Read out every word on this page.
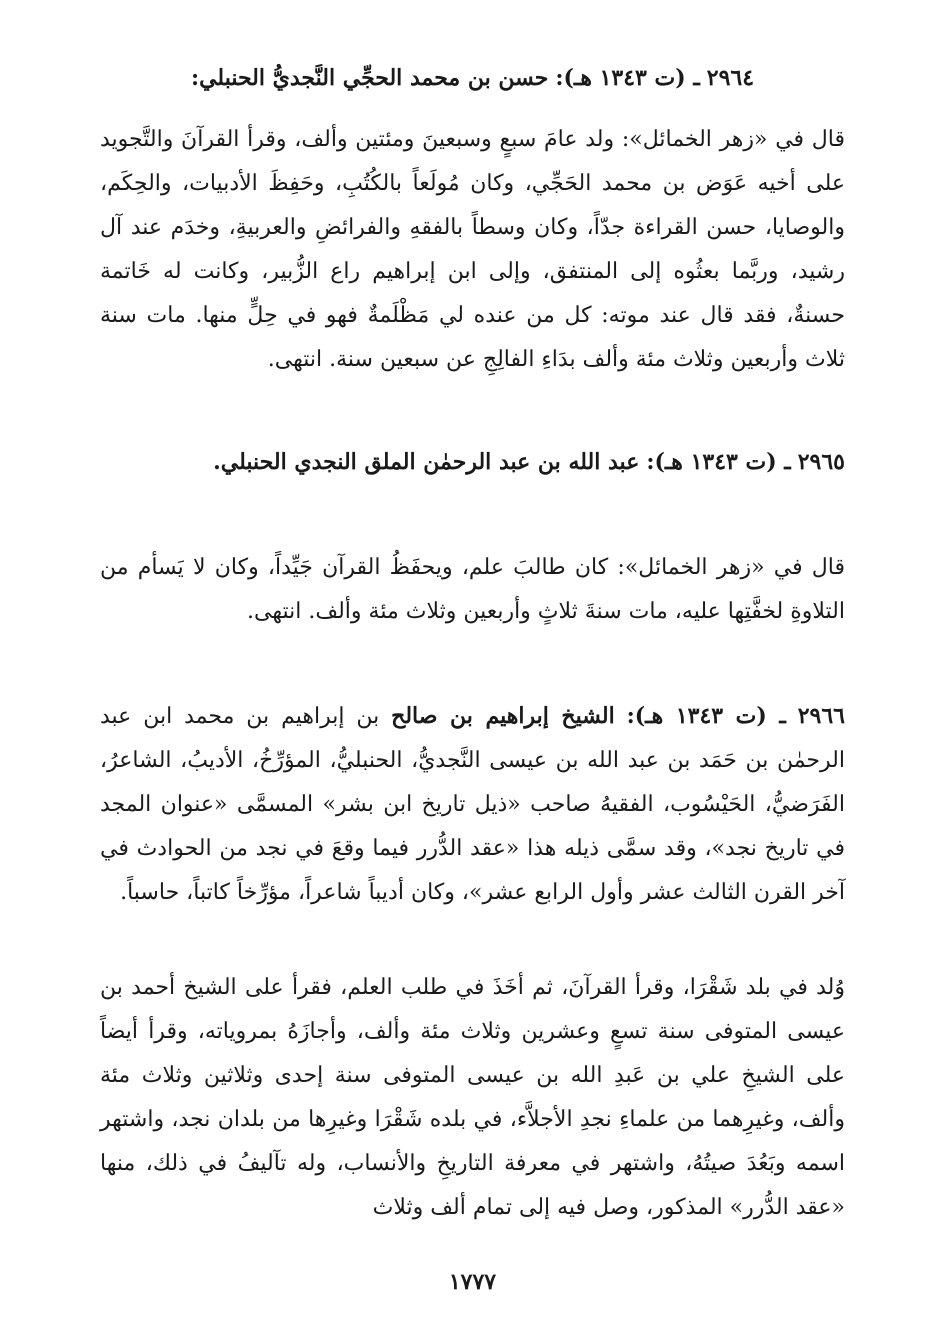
٢٩٦٤ ـ (ت ١٣٤٣ هـ): حسن بن محمد الحجِّي النَّجديُّ الحنبلي:

قال في «زهر الخمائل»: ولد عامَ سبعٍ وسبعينَ ومئتين وألف، وقرأ القرآنَ والتَّجويد على أخيه عَوَض بن محمد الحَجِّي، وكان مُولَعاً بالكُتُبِ، وحَفِظَ الأدبيات، والحِكَم، والوصايا، حسن القراءة جدّاً، وكان وسطاً بالفقهِ والفرائضِ والعربيةِ، وخدَم عند آل رشيد، وربَّما بعثُوه إلى المنتفق، وإلى ابن إبراهيم راع الزُّبير، وكانت له خَاتمة حسنةٌ، فقد قال عند موته: كل من عنده لي مَظْلَمةٌ فهو في حِلٍّ منها. مات سنة ثلاث وأربعين وثلاث مئة وألف بدَاءِ الفالِجِ عن سبعين سنة. انتهى.

٢٩٦٥ ـ (ت ١٣٤٣ هـ): عبد الله بن عبد الرحمٰن الملق النجدي الحنبلي.

قال في «زهر الخمائل»: كان طالبَ علم، ويحفَظُ القرآن جَيِّداً، وكان لا يَسأم من التلاوةِ لخفَّتِها عليه، مات سنةَ ثلاثٍ وأربعين وثلاث مئة وألف. انتهى.

٢٩٦٦ ـ (ت ١٣٤٣ هـ): الشيخ إبراهيم بن صالح بن إبراهيم بن محمد ابن عبد الرحمٰن بن حَمَد بن عبد الله بن عيسى النَّجديُّ، الحنبليُّ، المؤرِّخُ، الأديبُ، الشاعرُ، الفَرَضيُّ، الحَيْسُوب، الفقيهُ صاحب «ذيل تاريخ ابن بشر» المسمَّى «عنوان المجد في تاريخ نجد»، وقد سمَّى ذيله هذا «عقد الدُّرر فيما وقعَ في نجد من الحوادث في آخر القرن الثالث عشر وأول الرابع عشر»، وكان أديباً شاعراً، مؤرِّخاً كاتباً، حاسباً.

وُلد في بلد شَقْرَا، وقرأ القرآنَ، ثم أخَذَ في طلب العلم، فقرأ على الشيخ أحمد بن عيسى المتوفى سنة تسعٍ وعشرين وثلاث مئة وألف، وأجازَهُ بمروياته، وقرأ أيضاً على الشيخِ علي بن عَبدِ الله بن عيسى المتوفى سنة إحدى وثلاثين وثلاث مئة وألف، وغيرِهما من علماءِ نجدِ الأجلاَّء، في بلده شَقْرَا وغيرِها من بلدان نجد، واشتهر اسمه وبَعُدَ صيتُهُ، واشتهر في معرفة التاريخِ والأنساب، وله تآليفُ في ذلك، منها «عقد الدُّرر» المذكور، وصل فيه إلى تمام ألف وثلاث

١٧٧٧
